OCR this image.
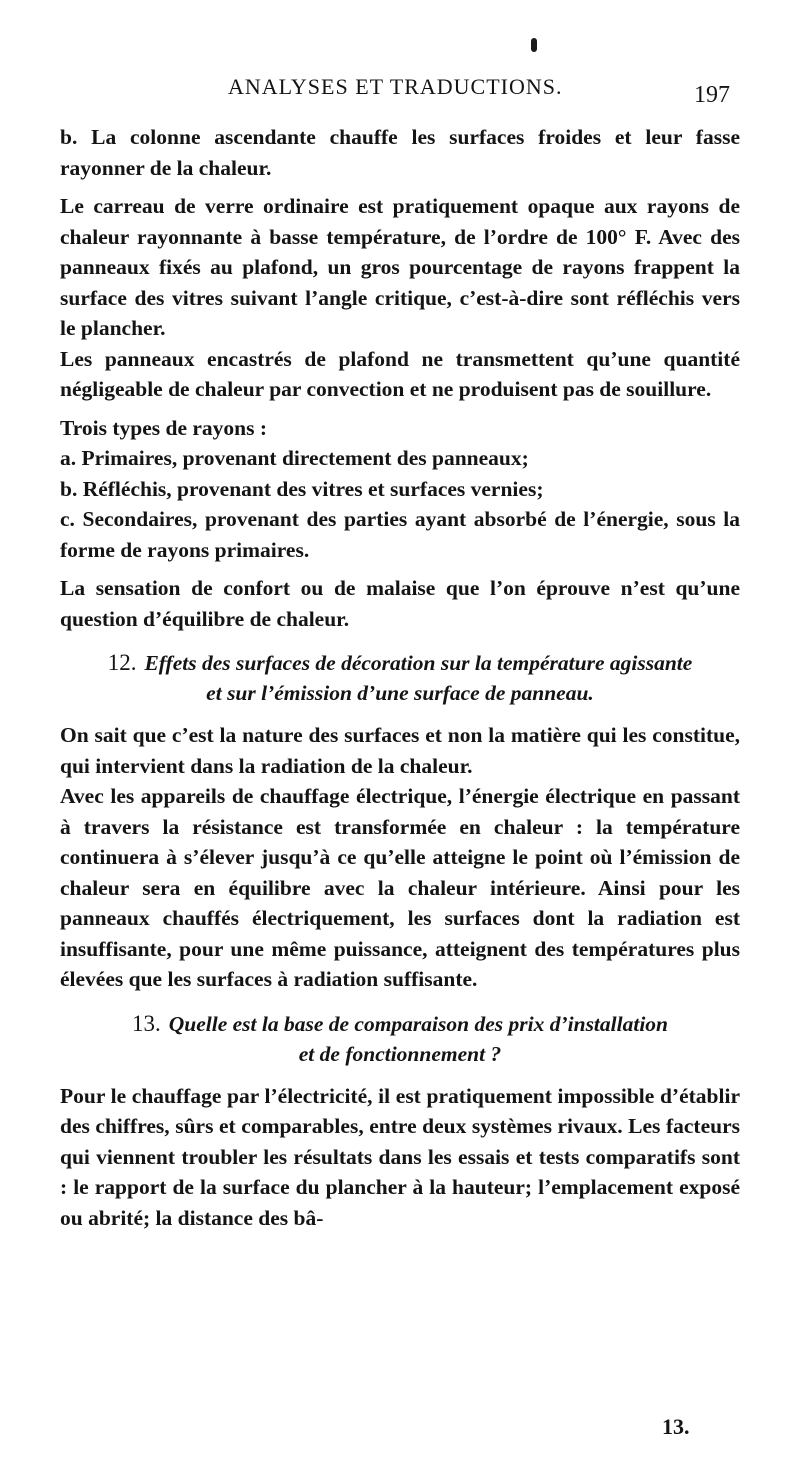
ANALYSES ET TRADUCTIONS.	197

b. La colonne ascendante chauffe les surfaces froides et leur fasse rayonner de la chaleur.

Le carreau de verre ordinaire est pratiquement opaque aux rayons de chaleur rayonnante à basse température, de l’ordre de 100° F. Avec des panneaux fixés au plafond, un gros pourcentage de rayons frappent la surface des vitres suivant l’angle critique, c’est-à-dire sont réfléchis vers le plancher.

Les panneaux encastrés de plafond ne transmettent qu’une quantité négligeable de chaleur par convection et ne produisent pas de souillure.

Trois types de rayons :

a. Primaires, provenant directement des panneaux;

b. Réfléchis, provenant des vitres et surfaces vernies;

c. Secondaires, provenant des parties ayant absorbé de l’énergie, sous la forme de rayons primaires.

La sensation de confort ou de malaise que l’on éprouve n’est qu’une question d’équilibre de chaleur.

12. Effets des surfaces de décoration sur la température agissante
et sur l’émission d’une surface de panneau.

On sait que c’est la nature des surfaces et non la matière qui les constitue, qui intervient dans la radiation de la chaleur.

Avec les appareils de chauffage électrique, l’énergie électrique en passant à travers la résistance est transformée en chaleur : la température continuera à s’élever jusqu’à ce qu’elle atteigne le point où l’émission de chaleur sera en équilibre avec la chaleur intérieure. Ainsi pour les panneaux chauffés électriquement, les surfaces dont la radiation est insuffisante, pour une même puissance, atteignent des températures plus élevées que les surfaces à radiation suffisante.

13. Quelle est la base de comparaison des prix d’installation
et de fonctionnement ?

Pour le chauffage par l’électricité, il est pratiquement impossible d’établir des chiffres, sûrs et comparables, entre deux systèmes rivaux. Les facteurs qui viennent troubler les résultats dans les essais et tests comparatifs sont : le rapport de la surface du plancher à la hauteur; l’emplacement exposé ou abrité; la distance des bâ-

13.
